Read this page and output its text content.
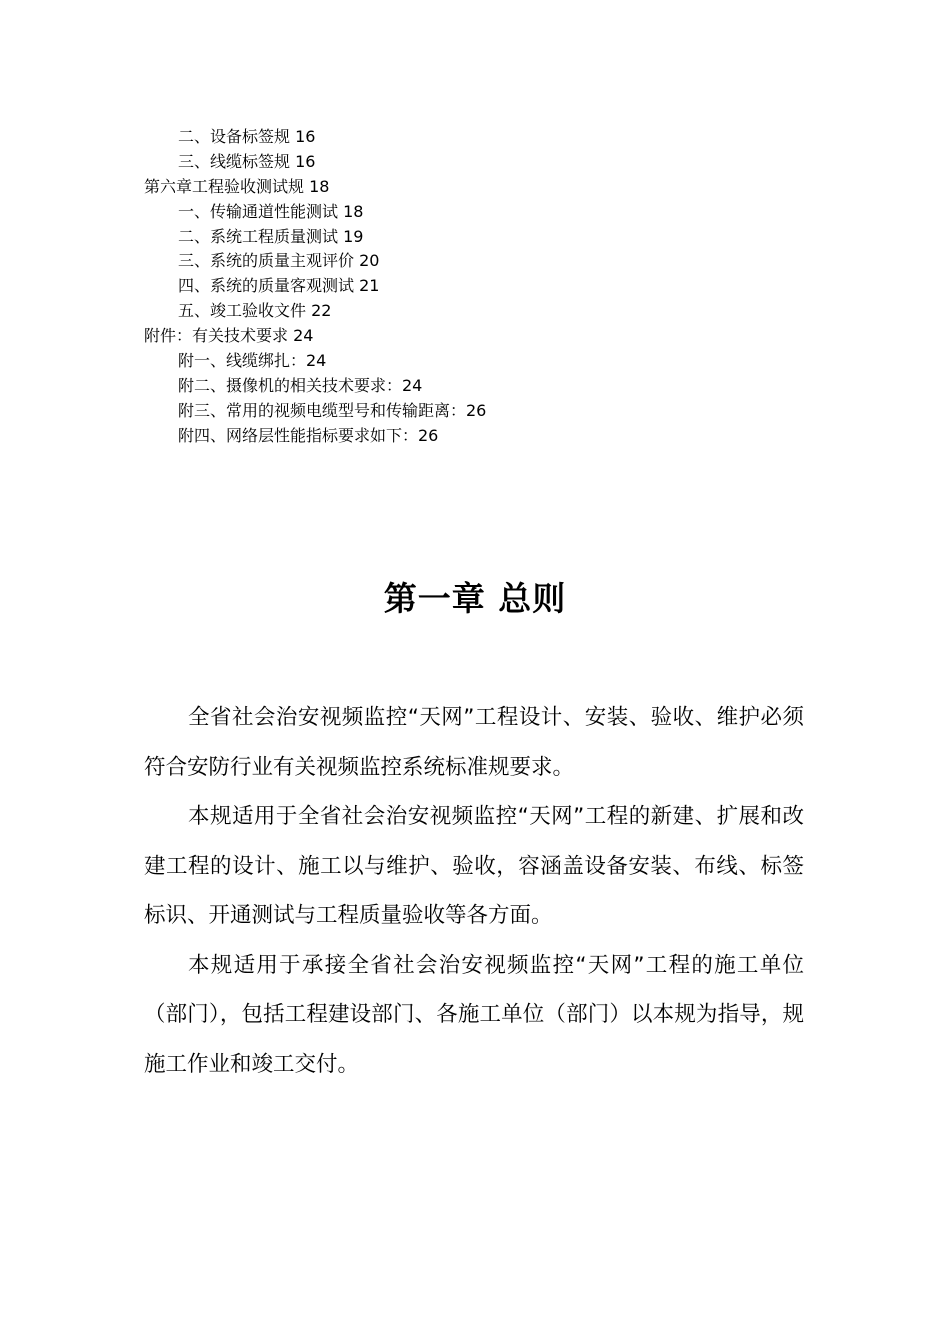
二、设备标签规 16
三、线缆标签规 16
第六章工程验收测试规 18
一、传输通道性能测试 18
二、系统工程质量测试 19
三、系统的质量主观评价 20
四、系统的质量客观测试 21
五、竣工验收文件 22
附件：有关技术要求 24
附一、线缆绑扎：24
附二、摄像机的相关技术要求：24
附三、常用的视频电缆型号和传输距离：26
附四、网络层性能指标要求如下：26
第一章 总则

全省社会治安视频监控“天网”工程设计、安装、验收、维护必须符合安防行业有关视频监控系统标准规要求。

本规适用于全省社会治安视频监控“天网”工程的新建、扩展和改建工程的设计、施工以与维护、验收，容涵盖设备安装、布线、标签标识、开通测试与工程质量验收等各方面。

本规适用于承接全省社会治安视频监控“天网”工程的施工单位（部门），包括工程建设部门、各施工单位（部门）以本规为指导，规施工作业和竣工交付。
